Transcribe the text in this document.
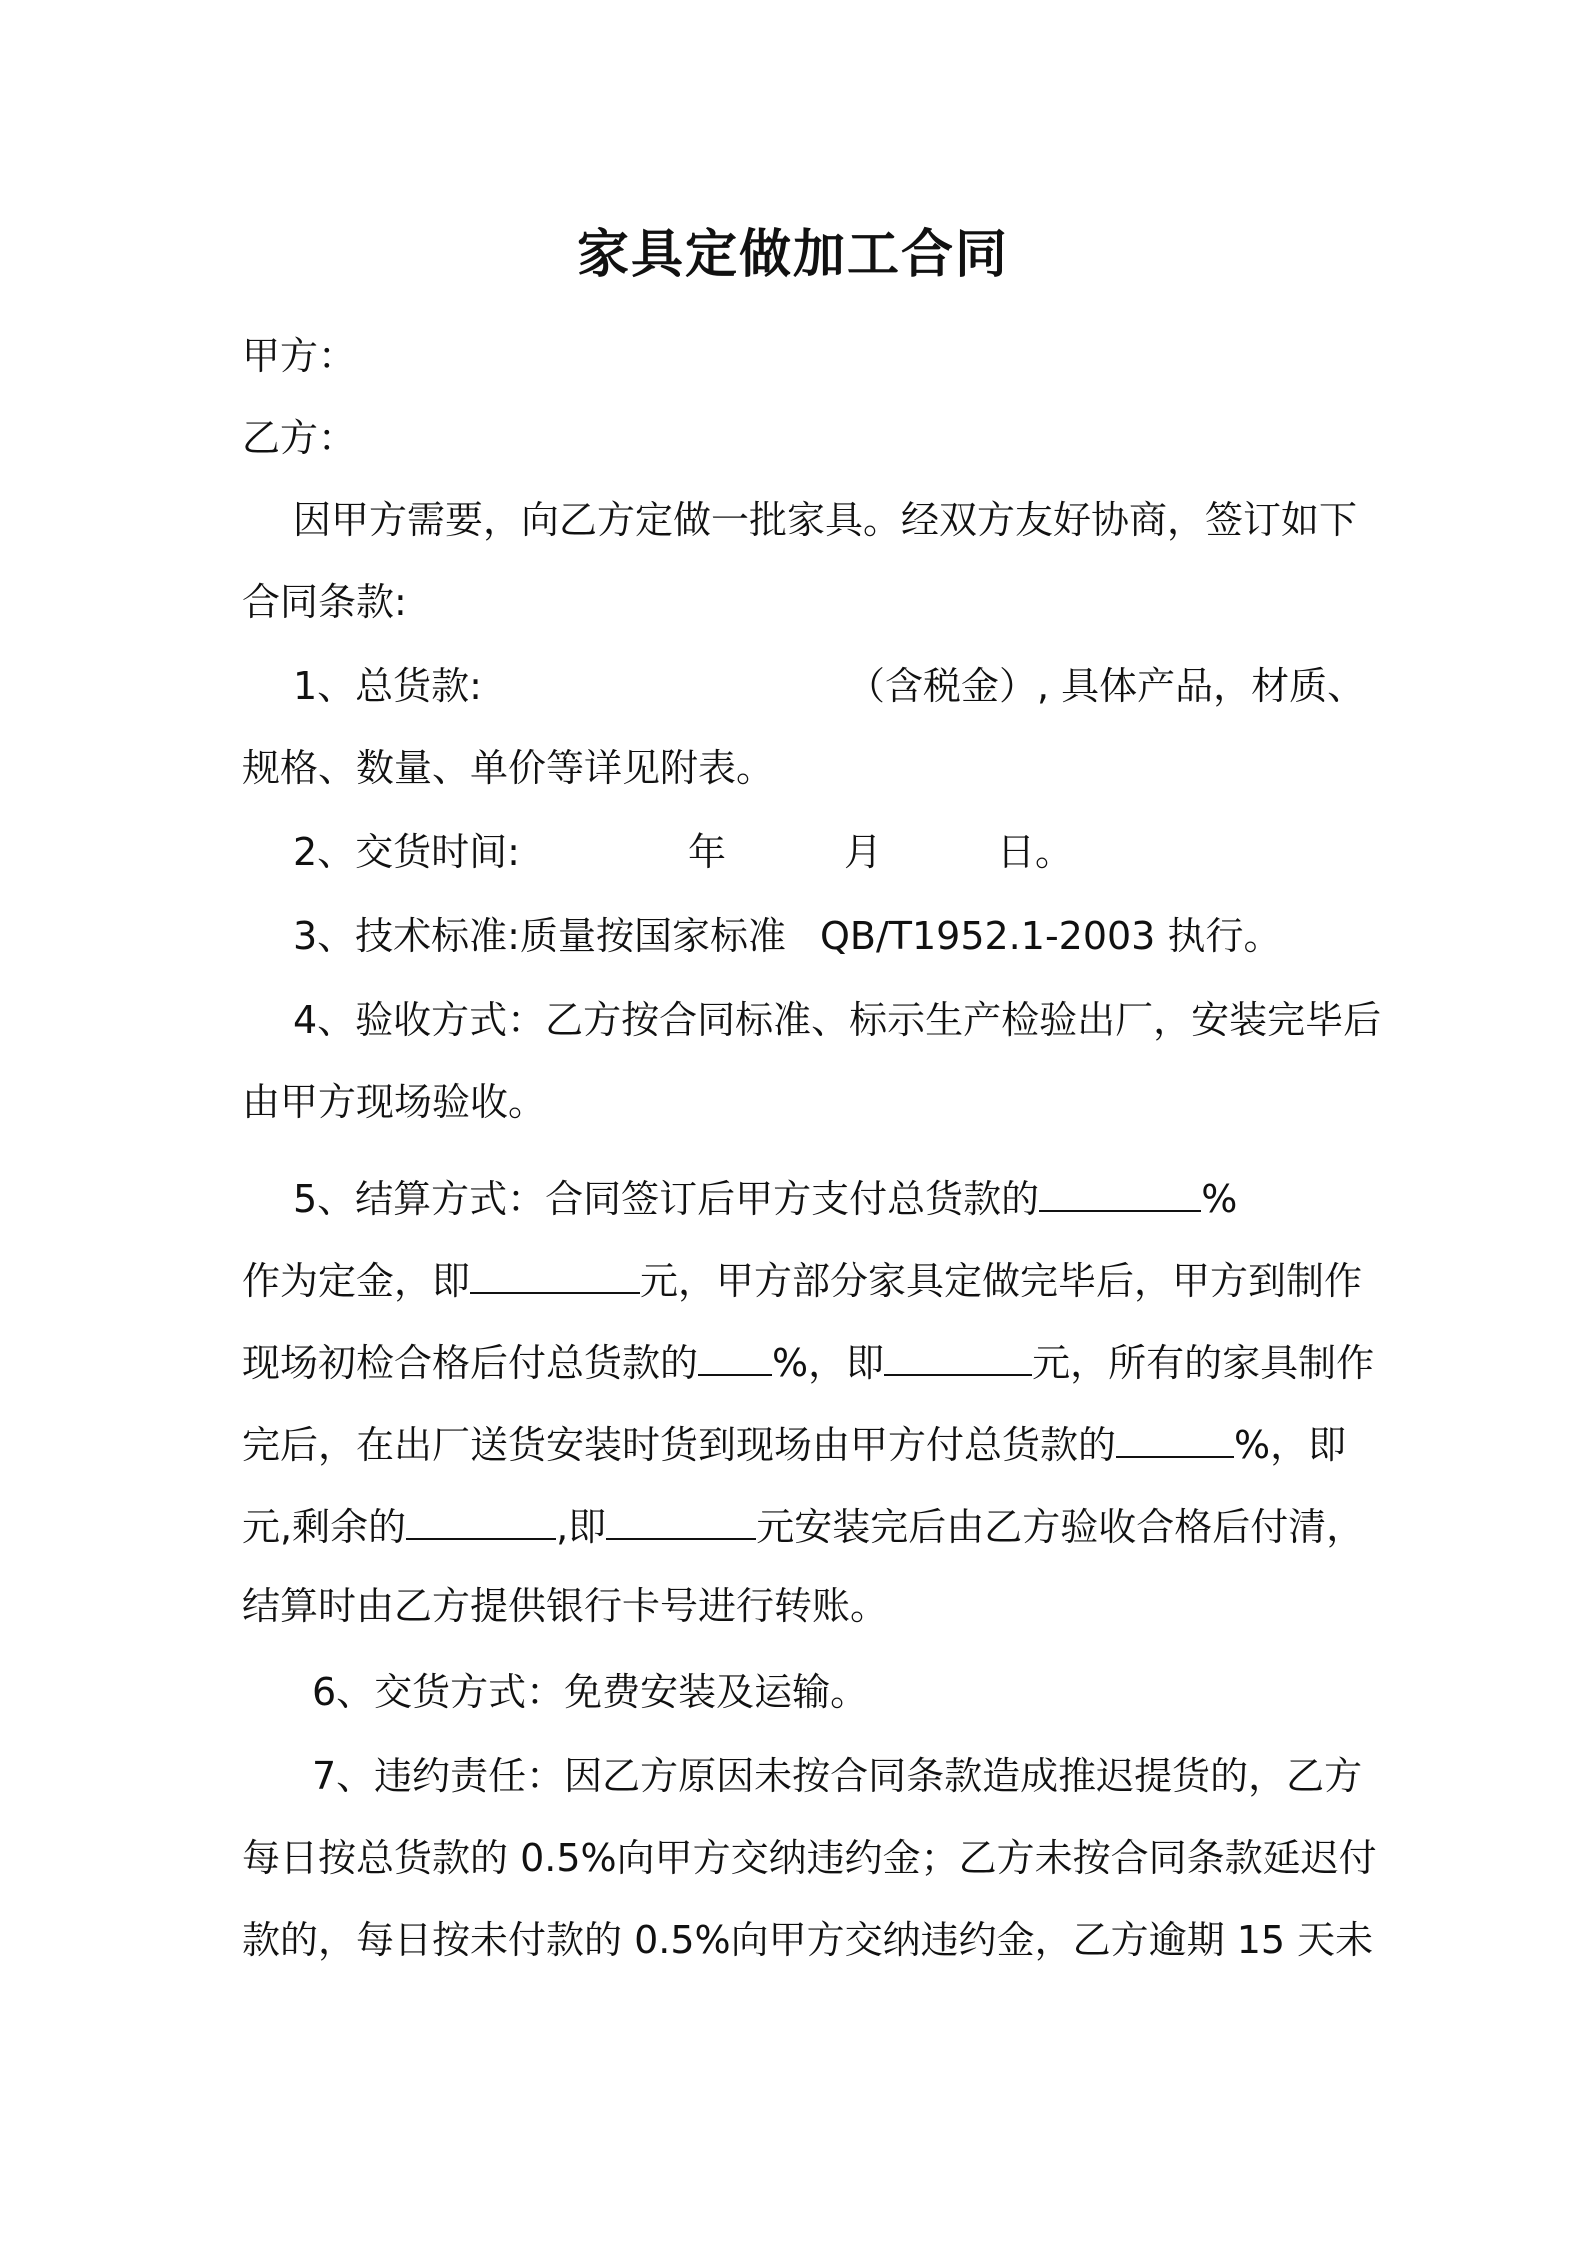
家具定做加工合同
甲方：
乙方：
因甲方需要，向乙方定做一批家具。经双方友好协商，签订如下
合同条款:
1、总货款:	（含税金）, 具体产品，材质、
规格、数量、单价等详见附表。
2、交货时间:	年	月	日。
3、技术标准:质量按国家标准 QB/T1952.1-2003 执行。
4、验收方式：乙方按合同标准、标示生产检验出厂，安装完毕后
由甲方现场验收。
5、结算方式：合同签订后甲方支付总货款的	%
作为定金，即	元，甲方部分家具定做完毕后，甲方到制作
现场初检合格后付总货款的 %，即	元，所有的家具制作
完后，在出厂送货安装时货到现场由甲方付总货款的	%，即
元,剩余的	,即	元安装完后由乙方验收合格后付清，
结算时由乙方提供银行卡号进行转账。
6、交货方式：免费安装及运输。
7、违约责任：因乙方原因未按合同条款造成推迟提货的，乙方
每日按总货款的 0.5%向甲方交纳违约金；乙方未按合同条款延迟付
款的，每日按未付款的 0.5%向甲方交纳违约金，乙方逾期 15 天未
